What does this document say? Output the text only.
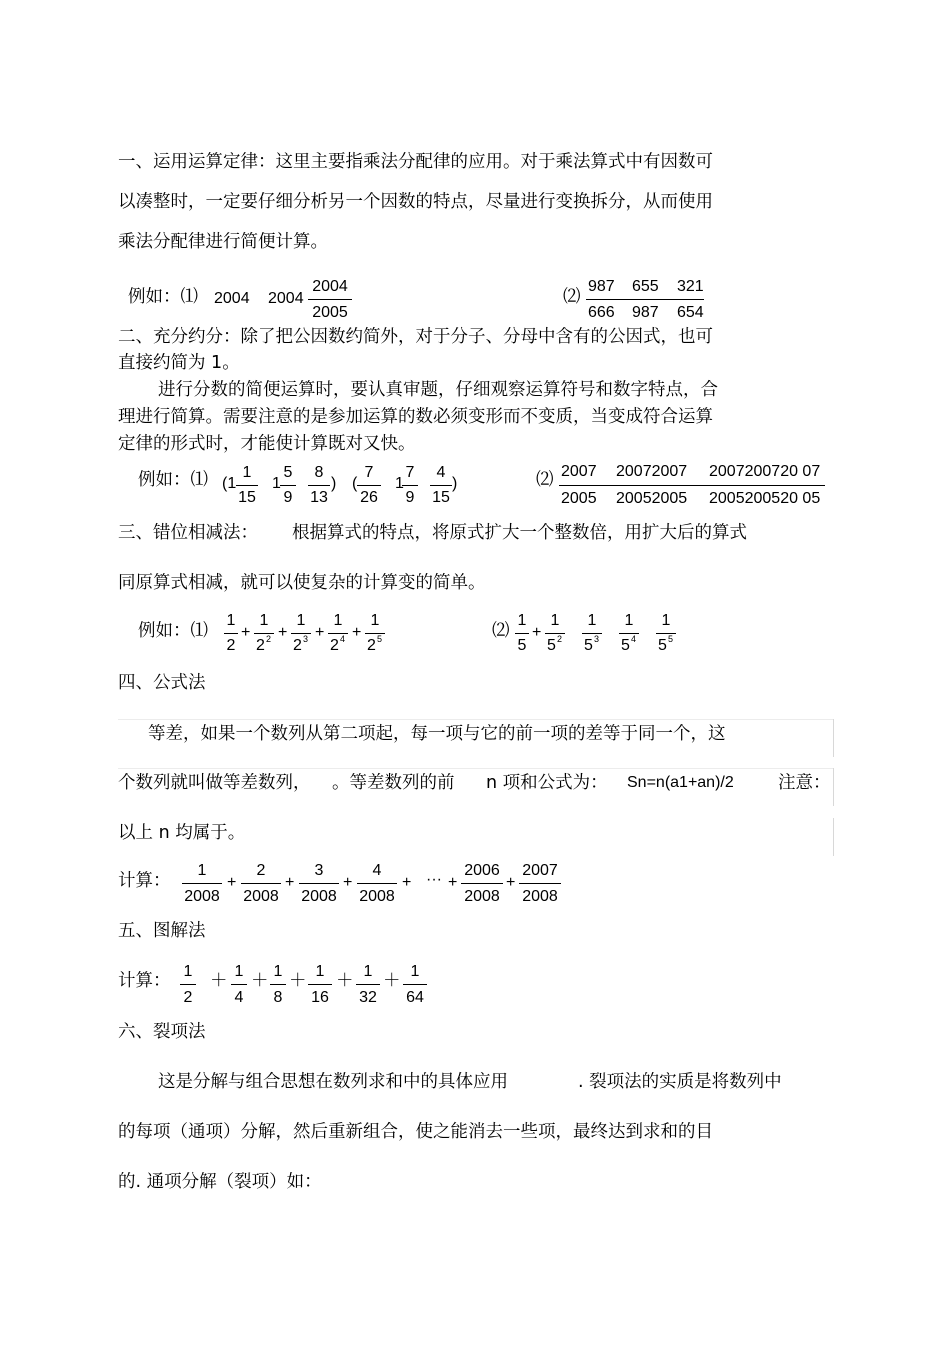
一、运用运算定律：这里主要指乘法分配律的应用。对于乘法算式中有因数可
以凑整时，一定要仔细分析另一个因数的特点，尽量进行变换拆分，从而使用
乘法分配律进行简便计算。
例如：⑴ 2004 2004
2004
2005
⑵
987 655 321
666 987 654
二、充分约分：除了把公因数约简外，对于分子、分母中含有的公因式，也可
直接约简为 1。
进行分数的简便运算时，要认真审题，仔细观察运算符号和数字特点，合
理进行简算。需要注意的是参加运算的数必须变形而不变质，当变成符合运算
定律的形式时，才能使计算既对又快。
例如：⑴ (1
1
15
1
5
9
8
13
) (
7
26
1
7
9
4
15
)	⑵ 2007 20072007 2007200720 07
2005 20052005 2005200520 05
三、错位相减法： 根据算式的特点，将原式扩大一个整数倍，用扩大后的算式
同原算式相减，就可以使复杂的计算变的简单。
例如：⑴
1
2
+
1
2 2 +
1
2 3 +
1
2 4 +
1
2 5	⑵
1
5
+
1
5 2
1
5 3
1
5 4
1
5 5
四、公式法
等差，如果一个数列从第二项起，每一项与它的前一项的差等于同一个，这
个数列就叫做等差数列， 。等差数列的前 n 项和公式为： Sn=n(a1+an)/2	注意：
以上 n 均属于。
计算：
1
2008
+
2
2008
+
3
2008
+
4
2008
+ ··· +
2006
2008
+
2007
2008
五、图解法
计算： 1
2
＋ 1
4
＋ 1
8
＋ 1
16
＋ 1
32
＋ 1
64
六、裂项法
这是分解与组合思想在数列求和中的具体应用	. 裂项法的实质是将数列中
的每项（通项）分解，然后重新组合，使之能消去一些项，最终达到求和的目
的. 通项分解（裂项）如：
